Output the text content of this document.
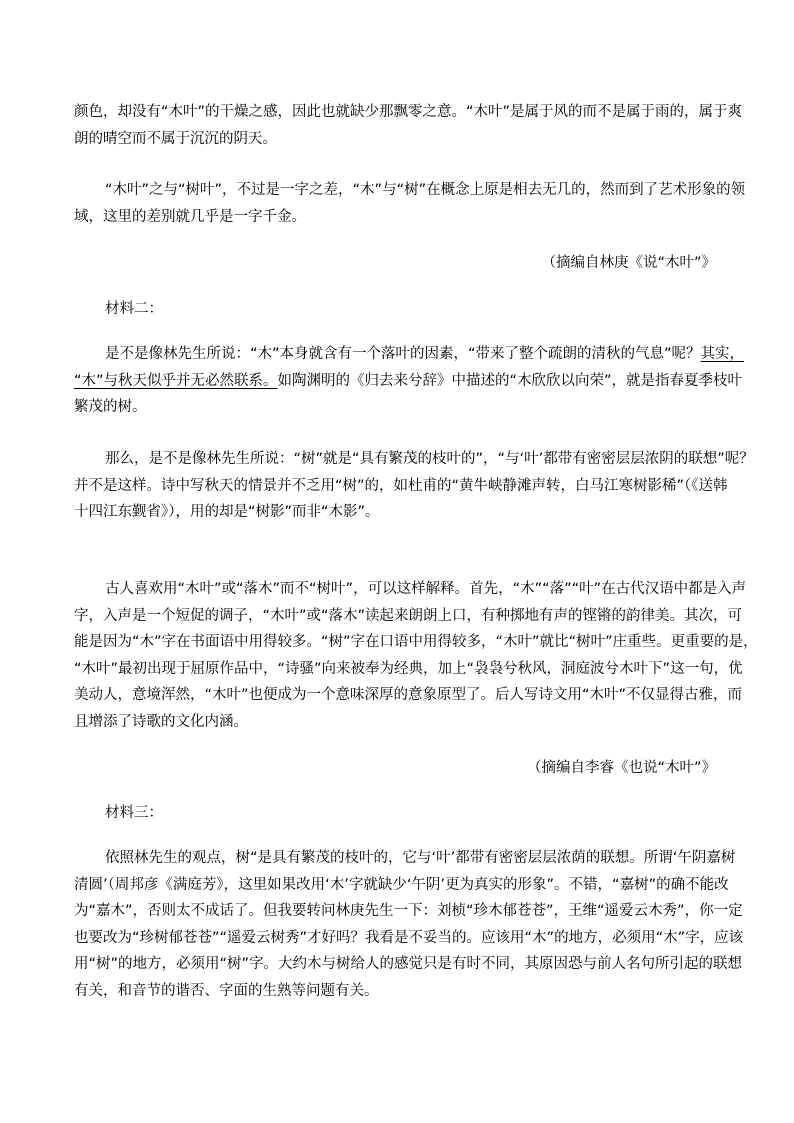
颜色，却没有“木叶”的干燥之感，因此也就缺少那飘零之意。“木叶”是属于风的而不是属于雨的，属于爽
朗的晴空而不属于沉沉的阴天。
“木叶”之与“树叶”，不过是一字之差，“木”与“树”在概念上原是相去无几的，然而到了艺术形象的领
域，这里的差别就几乎是一字千金。

（摘编自林庚《说“木叶”》

材料二：

是不是像林先生所说：“木”本身就含有一个落叶的因素，“带来了整个疏朗的清秋的气息”呢？其实，
“木”与秋天似乎并无必然联系。如陶渊明的《归去来兮辞》中描述的“木欣欣以向荣”，就是指春夏季枝叶
繁茂的树。
那么，是不是像林先生所说：“树”就是“具有繁茂的枝叶的”，“与‘叶’都带有密密层层浓阴的联想”呢？
并不是这样。诗中写秋天的情景并不乏用“树”的，如杜甫的“黄牛峡静滩声转，白马江寒树影稀”（《送韩
十四江东觐省》），用的却是“树影”而非“木影”。
古人喜欢用“木叶”或“落木”而不“树叶”，可以这样解释。首先，“木”“落”“叶”在古代汉语中都是入声
字，入声是一个短促的调子，“木叶”或“落木”读起来朗朗上口，有种掷地有声的铿锵的韵律美。其次，可
能是因为“木”字在书面语中用得较多。“树”字在口语中用得较多，“木叶”就比“树叶”庄重些。更重要的是，
“木叶”最初出现于屈原作品中，“诗骚”向来被奉为经典，加上“袅袅兮秋风，洞庭波兮木叶下”这一句，优
美动人，意境浑然，“木叶”也便成为一个意味深厚的意象原型了。后人写诗文用“木叶”不仅显得古雅，而
且增添了诗歌的文化内涵。

（摘编自李睿《也说“木叶”》

材料三：

依照林先生的观点，树“是具有繁茂的枝叶的，它与‘叶’都带有密密层层浓荫的联想。所谓‘午阴嘉树
清圆’（周邦彦《满庭芳》，这里如果改用‘木’字就缺少‘午阴’更为真实的形象”。不错，“嘉树”的确不能改
为“嘉木”，否则太不成话了。但我要转问林庚先生一下：刘桢“珍木郁苍苍”，王维“遥爱云木秀”，你一定
也要改为“珍树郁苍苍”“遥爱云树秀”才好吗？我看是不妥当的。应该用“木”的地方，必须用“木”字，应该
用“树”的地方，必须用“树”字。大约木与树给人的感觉只是有时不同，其原因恐与前人名句所引起的联想
有关，和音节的谐否、字面的生熟等问题有关。
